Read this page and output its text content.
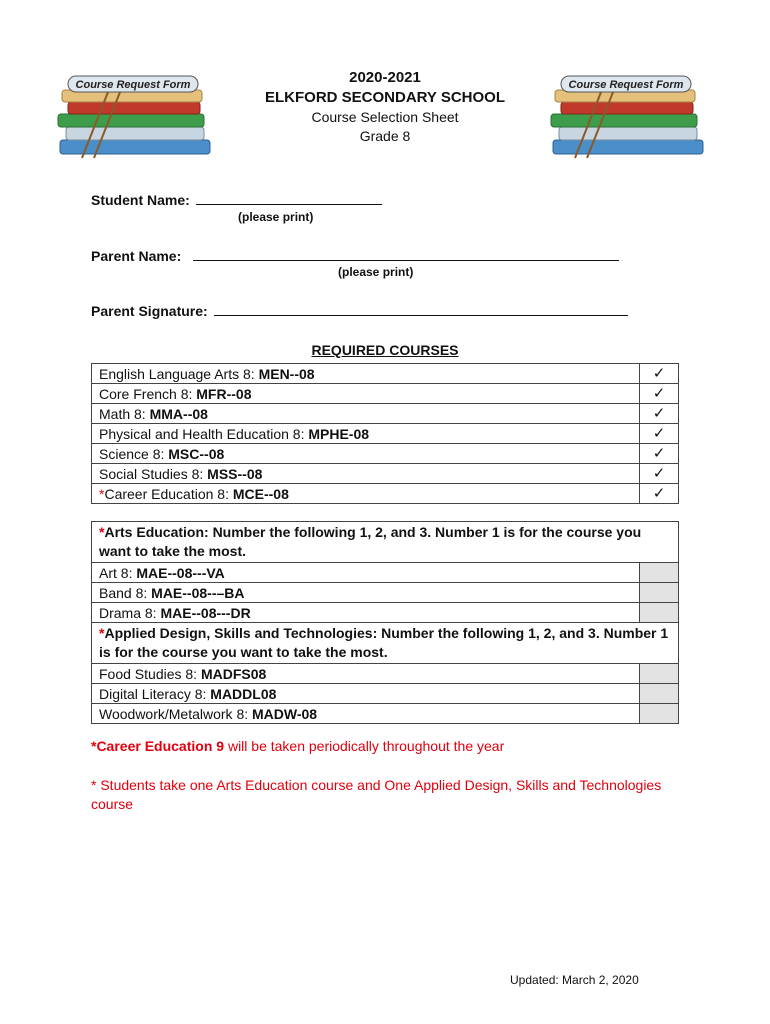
Course Request Form	Course Request Form
2020-2021
ELKFORD SECONDARY SCHOOL
Course Selection Sheet
Grade 8
Student Name:
(please print)
Parent Name:
(please print)
Parent Signature:
REQUIRED COURSES
English Language Arts 8: MEN--08	✓
Core French 8: MFR--08	✓
Math 8: MMA--08	✓
Physical and Health Education 8: MPHE-08	✓
Science 8: MSC--08	✓
Social Studies 8: MSS--08	✓
*Career Education 8: MCE--08	✓
*Arts Education: Number the following 1, 2, and 3. Number 1 is for the course you want to take the most.	
Art 8: MAE--08---VA	
Band 8: MAE--08--–BA	
Drama 8: MAE--08---DR	
*Applied Design, Skills and Technologies: Number the following 1, 2, and 3. Number 1 is for the course you want to take the most.	
Food Studies 8: MADFS08	
Digital Literacy 8: MADDL08	
Woodwork/Metalwork 8: MADW-08	
*Career Education 9 will be taken periodically throughout the year
* Students take one Arts Education course and One Applied Design, Skills and Technologies course
Updated: March 2, 2020
